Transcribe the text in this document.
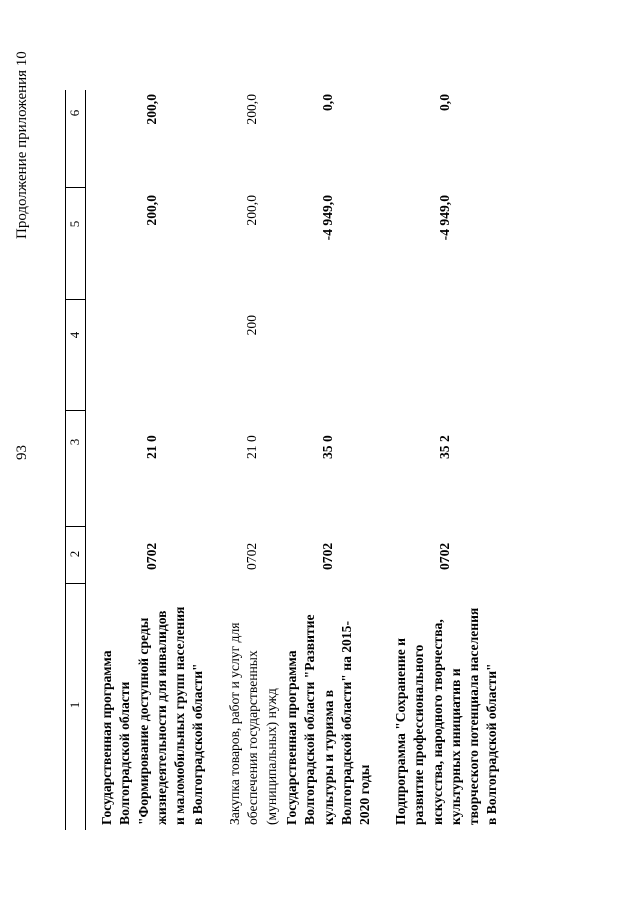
93
Продолжение приложения 10
1
2
3
4
5
6
Государственная программа Волгоградской области "Формирование доступной среды жизнедеятельности для инвалидов и маломобильных групп населения в Волгоградской области"
0702
21 0
200,0
200,0
Закупка товаров, работ и услуг для обеспечения государственных (муниципальных) нужд
0702
21 0
200
200,0
200,0
Государственная программа Волгоградской области "Развитие культуры и туризма в Волгоградской области" на 2015- 2020 годы
0702
35 0
-4 949,0
0,0
Подпрограмма "Сохранение и развитие профессионального искусства, народного творчества, культурных инициатив и творческого потенциала населения в Волгоградской области"
0702
35 2
-4 949,0
0,0
